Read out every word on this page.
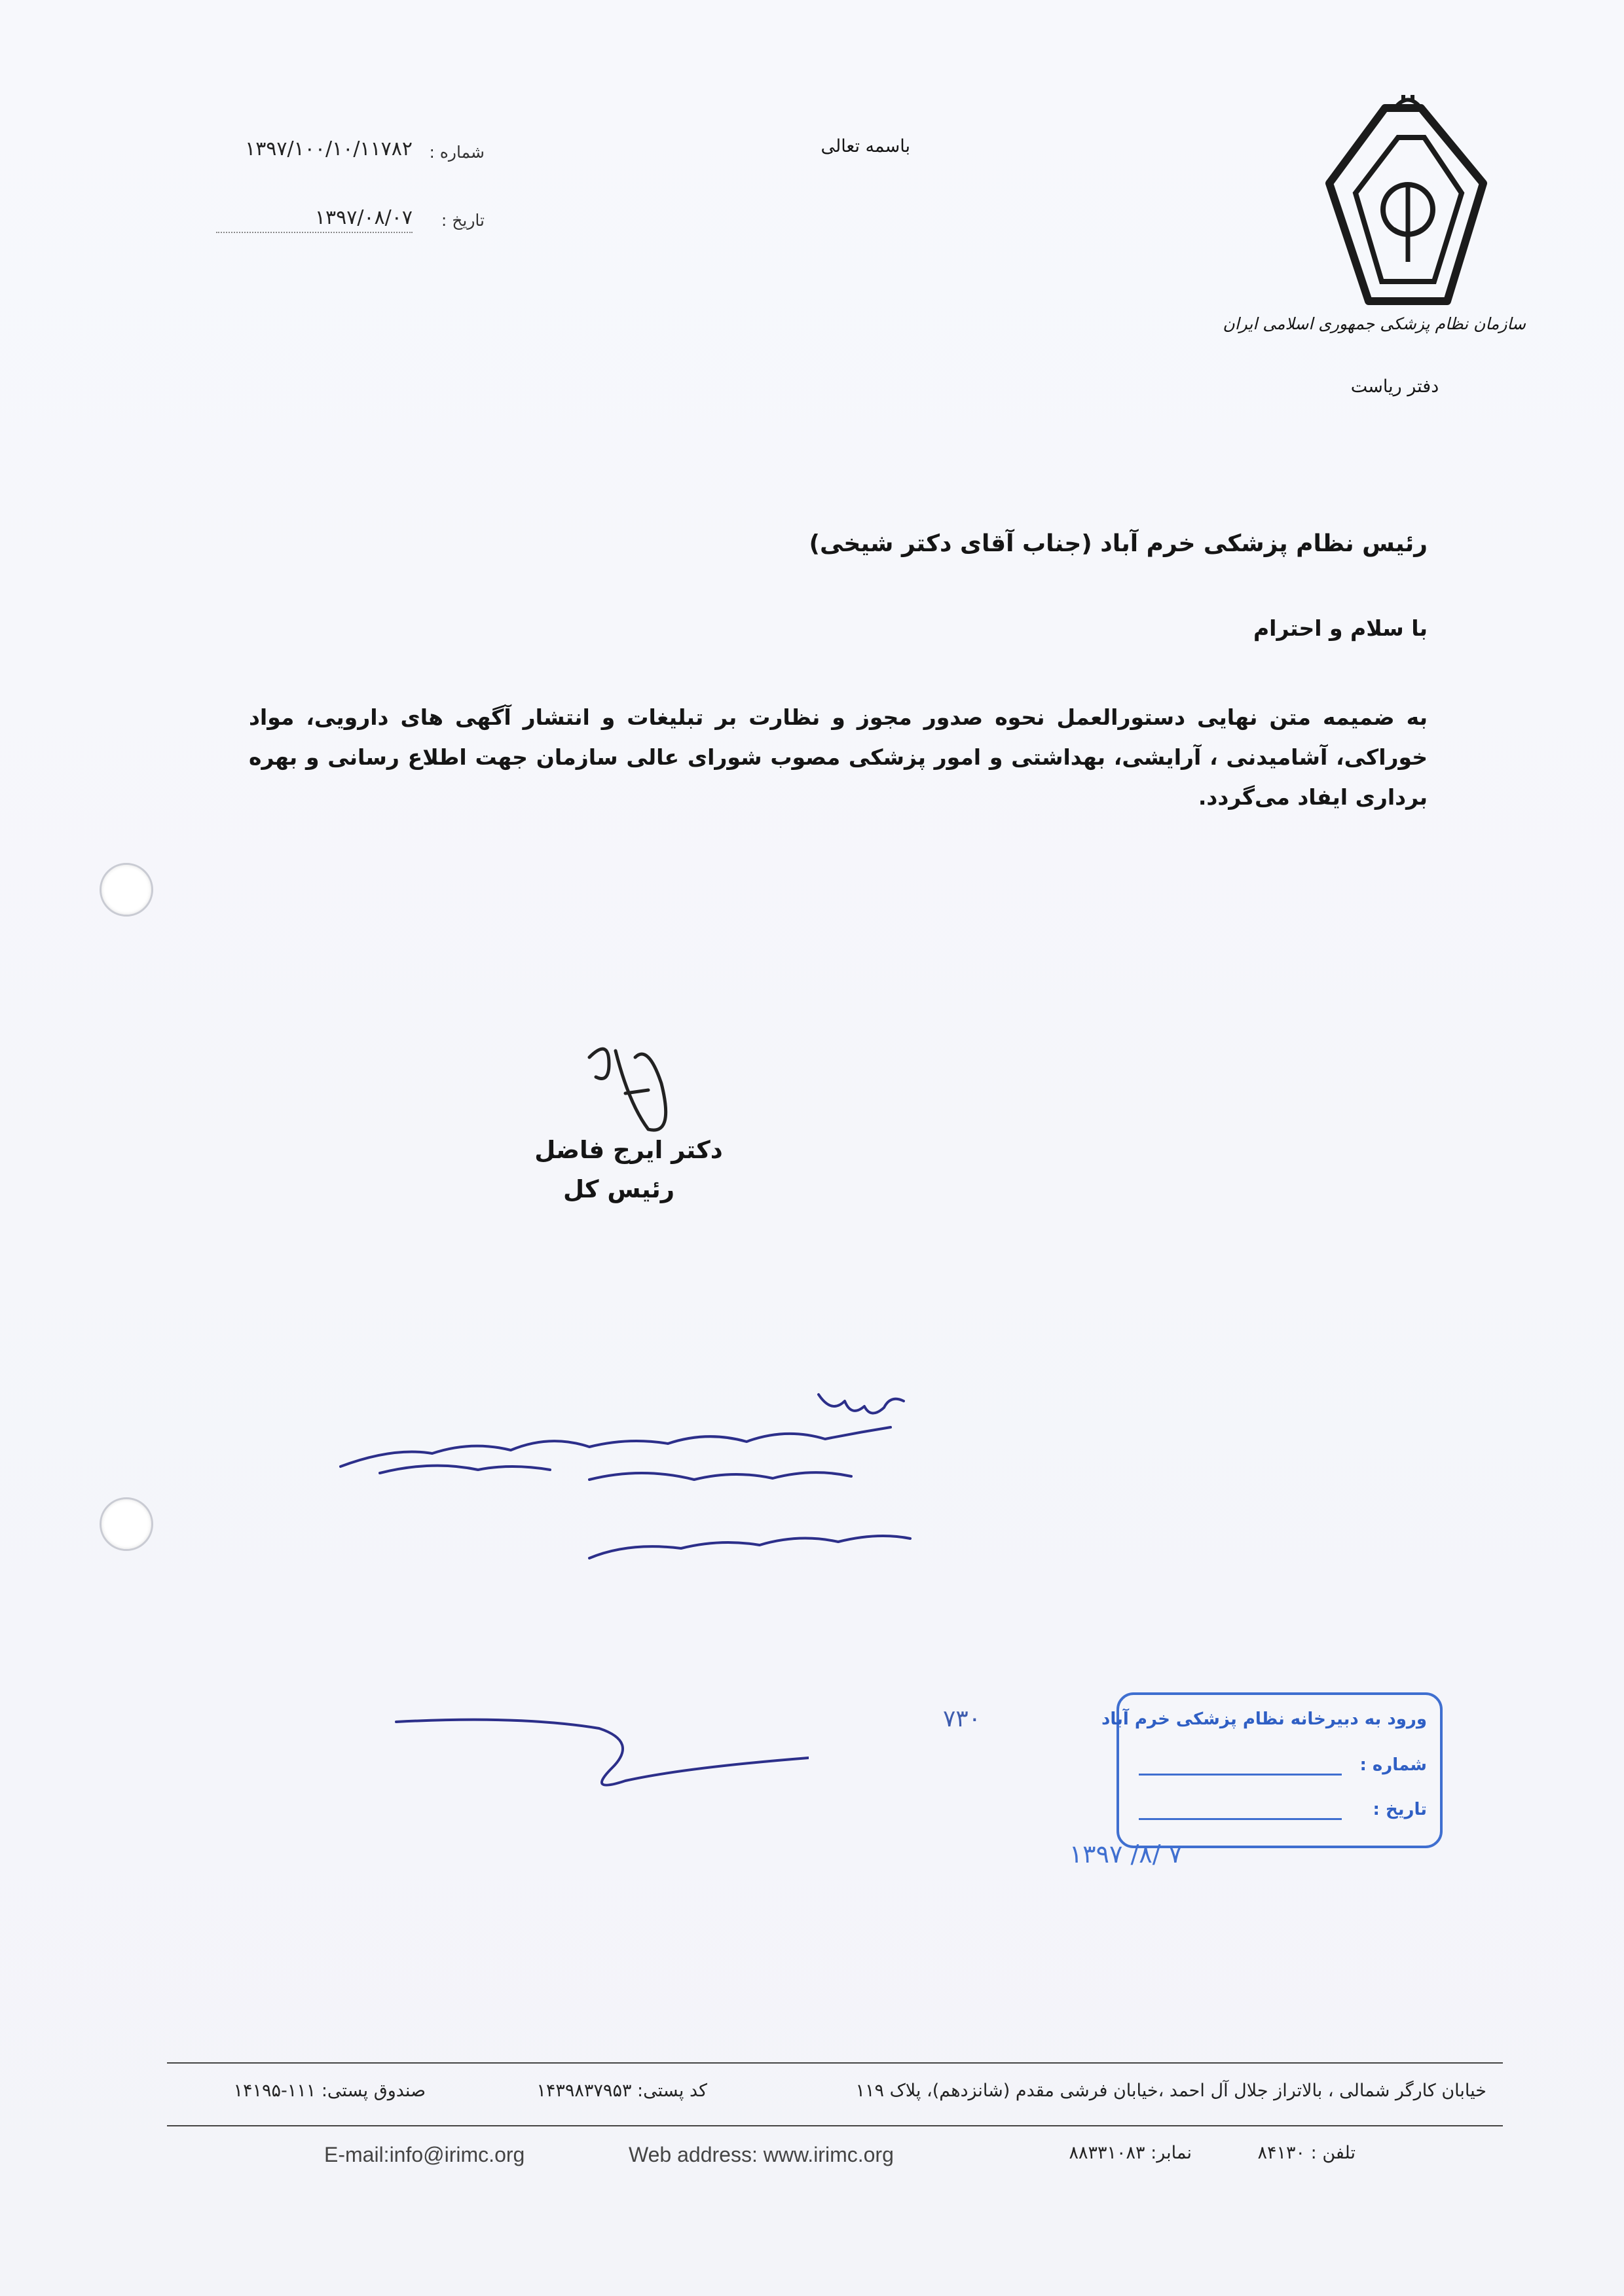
باسمه تعالی
شماره :
۱۳۹۷/۱۰۰/۱۰/۱۱۷۸۲
تاریخ :
۱۳۹۷/۰۸/۰۷
سازمان نظام پزشکی جمهوری اسلامی ایران
دفتر ریاست
رئیس نظام پزشکی خرم آباد (جناب آقای دکتر شیخی)
با سلام و احترام
به ضمیمه متن نهایی دستورالعمل نحوه صدور مجوز و نظارت بر تبلیغات و انتشار آگهی های دارویی، مواد خوراکی، آشامیدنی ، آرایشی، بهداشتی و امور پزشکی مصوب شورای عالی سازمان جهت اطلاع رسانی و بهره برداری ایفاد می‌گردد.
دکتر ایرج فاضل
رئیس کل
۷۳۰	ورود به دبیرخانه نظام پزشکی خرم آباد
شماره :
تاریخ :
۱۳۹۷ /۸/ ۷
خیابان کارگر شمالی ، بالاتراز جلال آل احمد ،خیابان فرشی مقدم (شانزدهم)، پلاک ۱۱۹
کد پستی: ۱۴۳۹۸۳۷۹۵۳
صندوق پستی: ۱۱۱-۱۴۱۹۵
تلفن : ۸۴۱۳۰
نمابر: ۸۸۳۳۱۰۸۳
Web address: www.irimc.org
E-mail:info@irimc.org
